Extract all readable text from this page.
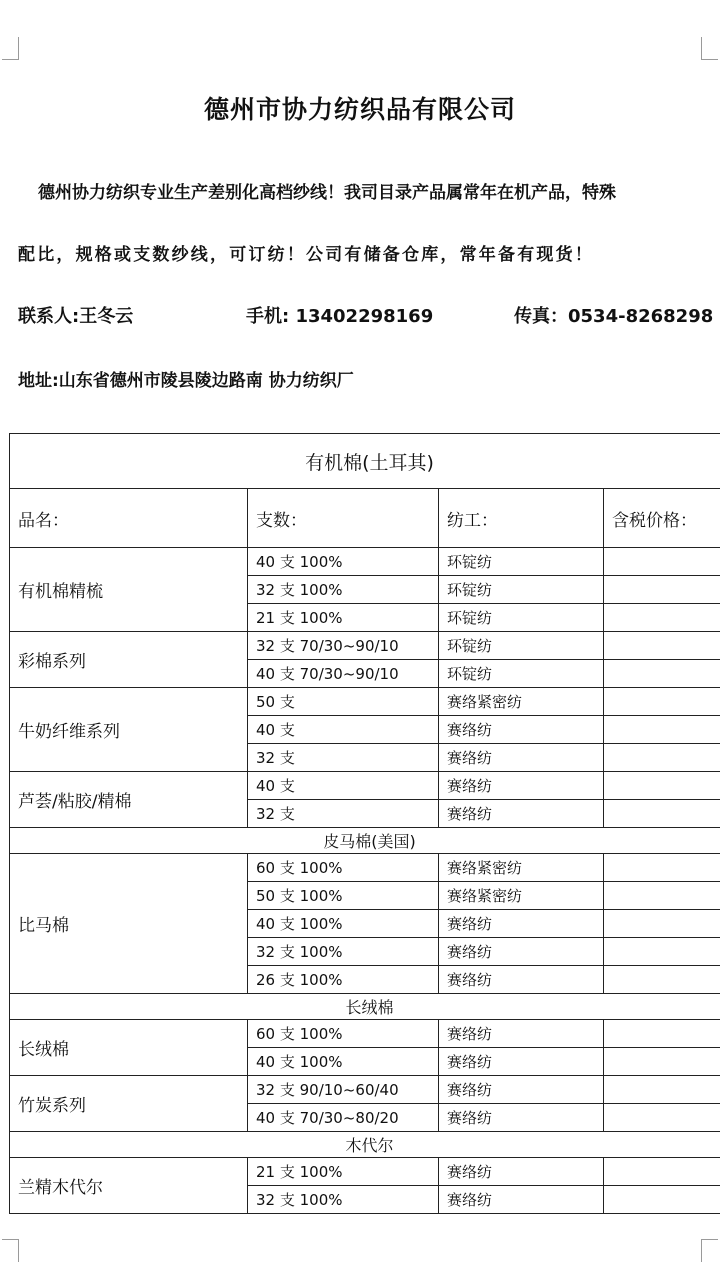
德州市协力纺织品有限公司
德州协力纺织专业生产差别化高档纱线！我司目录产品属常年在机产品，特殊
配比，规格或支数纱线，可订纺！公司有储备仓库，常年备有现货！
联系人:王冬云	手机: 13402298169	传真：0534-8268298
地址:山东省德州市陵县陵边路南 协力纺织厂
有机棉(土耳其)			
品名：	支数：	纺工：	含税价格：
有机棉精梳	40 支 100%	环锭纺	
	32 支 100%	环锭纺	
	21 支 100%	环锭纺	
彩棉系列	32 支 70/30~90/10	环锭纺	
	40 支 70/30~90/10	环锭纺	
牛奶纤维系列	50 支	赛络紧密纺	
	40 支	赛络纺	
	32 支	赛络纺	
芦荟/粘胶/精棉	40 支	赛络纺	
	32 支	赛络纺	
皮马棉(美国)			
比马棉	60 支 100%	赛络紧密纺	
	50 支 100%	赛络紧密纺	
	40 支 100%	赛络纺	
	32 支 100%	赛络纺	
	26 支 100%	赛络纺	
长绒棉			
长绒棉	60 支 100%	赛络纺	
	40 支 100%	赛络纺	
竹炭系列	32 支 90/10~60/40	赛络纺	
	40 支 70/30~80/20	赛络纺	
木代尔			
兰精木代尔	21 支 100%	赛络纺	
	32 支 100%	赛络纺	
